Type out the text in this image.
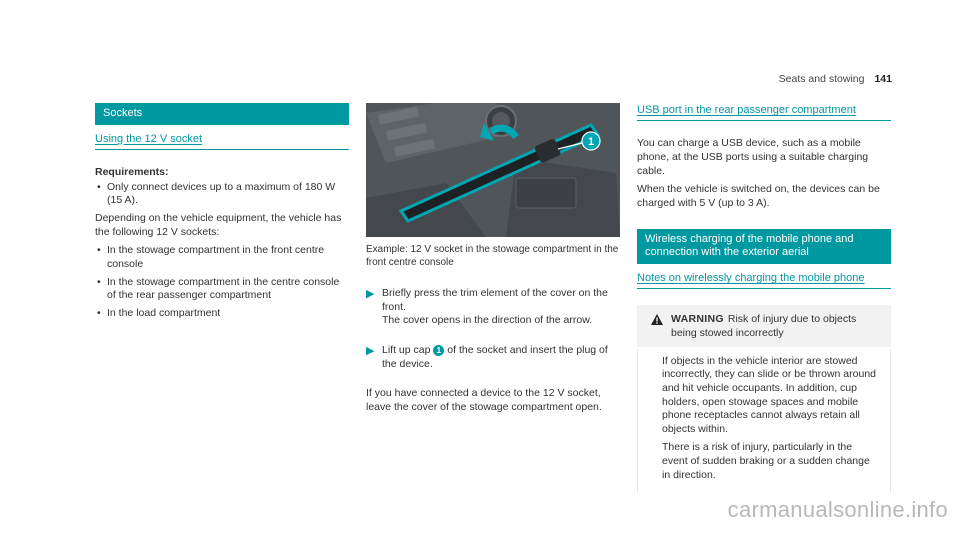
Seats and stowing 141
Sockets
Using the 12 V socket
Requirements:
• Only connect devices up to a maximum of 180 W (15 A).

Depending on the vehicle equipment, the vehicle has the following 12 V sockets:

• In the stowage compartment in the front centre console
• In the stowage compartment in the centre console of the rear passenger compartment
• In the load compartment
1
Example: 12 V socket in the stowage compartment in the front centre console
▶ Briefly press the trim element of the cover on the front.
The cover opens in the direction of the arrow.
▶ Lift up cap 1 of the socket and insert the plug of the device.

If you have connected a device to the 12 V socket, leave the cover of the stowage compartment open.

USB port in the rear passenger compartment

You can charge a USB device, such as a mobile phone, at the USB ports using a suitable charging cable.

When the vehicle is switched on, the devices can be charged with 5 V (up to 3 A).

Wireless charging of the mobile phone and connection with the exterior aerial
Notes on wirelessly charging the mobile phone
WARNING Risk of injury due to objects being stowed incorrectly

If objects in the vehicle interior are stowed incorrectly, they can slide or be thrown around and hit vehicle occupants. In addition, cup holders, open stowage spaces and mobile phone receptacles cannot always retain all objects within.

There is a risk of injury, particularly in the event of sudden braking or a sudden change in direction.

carmanualsonline.info
